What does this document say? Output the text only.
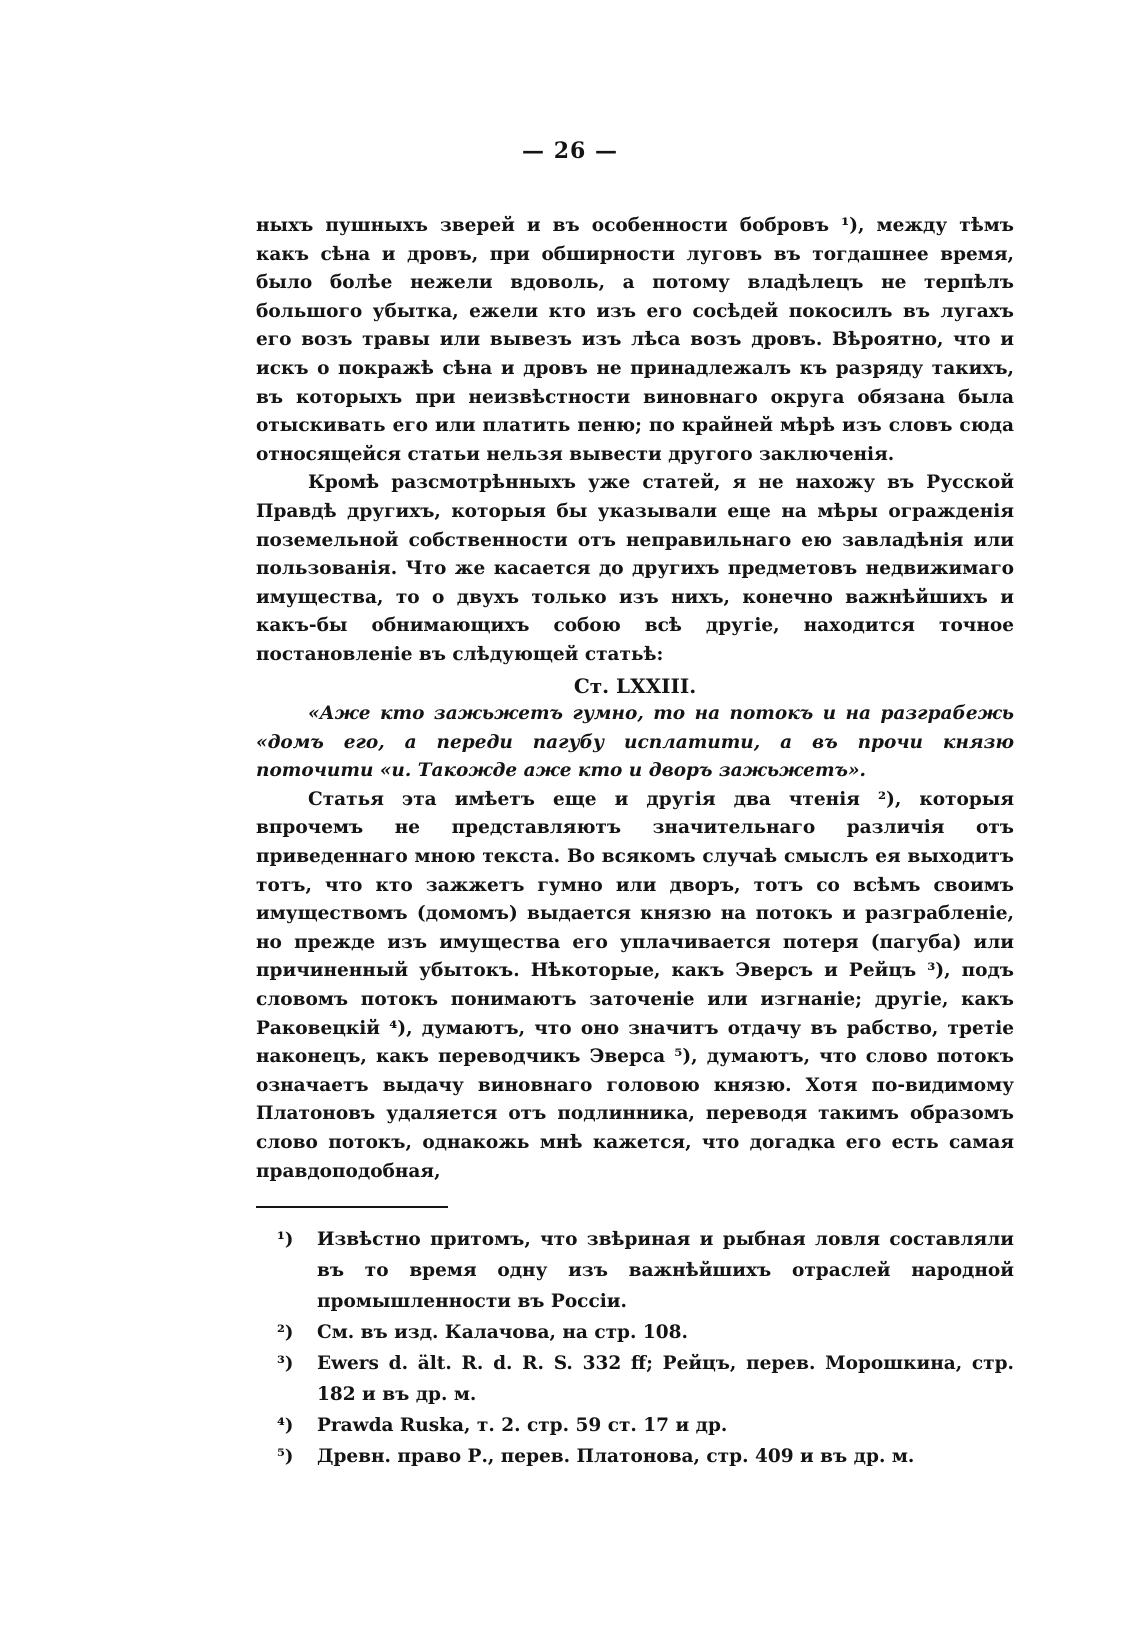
— 26 —

ныхъ пушныхъ зверей и въ особенности бобровъ ¹), между тѣмъ какъ сѣна и дровъ, при обширности луговъ въ тогдашнее время, было болѣе нежели вдоволь, а потому владѣлецъ не терпѣлъ большого убытка, ежели кто изъ его сосѣдей покосилъ въ лугахъ его возъ травы или вывезъ изъ лѣса возъ дровъ. Вѣроятно, что и искъ о покражѣ сѣна и дровъ не принадлежалъ къ разряду такихъ, въ которыхъ при неизвѣстности виновнаго округа обязана была отыскивать его или платить пеню; по крайней мѣрѣ изъ словъ сюда относящейся статьи нельзя вывести другого заключенія.

Кромѣ разсмотрѣнныхъ уже статей, я не нахожу въ Русской Правдѣ другихъ, которыя бы указывали еще на мѣры огражденія поземельной собственности отъ неправильнаго ею завладѣнія или пользованія. Что же касается до другихъ предметовъ недвижимаго имущества, то о двухъ только изъ нихъ, конечно важнѣйшихъ и какъ-бы обнимающихъ собою всѣ другіе, находится точное постановленіе въ слѣдующей статьѣ:

Ст. LXXIII.

«Аже кто зажьжетъ гумно, то на потокъ и на разграбежь «домъ его, а переди пагубу исплатити, а въ прочи князю поточити «и. Такожде аже кто и дворъ зажьжетъ».

Статья эта имѣетъ еще и другія два чтенія ²), которыя впрочемъ не представляютъ значительнаго различія отъ приведеннаго мною текста. Во всякомъ случаѣ смыслъ ея выходитъ тотъ, что кто зажжетъ гумно или дворъ, тотъ со всѣмъ своимъ имуществомъ (домомъ) выдается князю на потокъ и разграбленіе, но прежде изъ имущества его уплачивается потеря (пагуба) или причиненный убытокъ. Нѣкоторые, какъ Эверсъ и Рейцъ ³), подъ словомъ потокъ понимаютъ заточеніе или изгнаніе; другіе, какъ Раковецкій ⁴), думаютъ, что оно значитъ отдачу въ рабство, третіе наконецъ, какъ переводчикъ Эверса ⁵), думаютъ, что слово потокъ означаетъ выдачу виновнаго головою князю. Хотя по-видимому Платоновъ удаляется отъ подлинника, переводя такимъ образомъ слово потокъ, однакожь мнѣ кажется, что догадка его есть самая правдоподобная,

¹)	Извѣстно притомъ, что звѣриная и рыбная ловля составляли въ то время одну изъ важнѣйшихъ отраслей народной промышленности въ Россіи.
²)	См. въ изд. Калачова, на стр. 108.
³)	Ewers d. ält. R. d. R. S. 332 ff; Рейцъ, перев. Морошкина, стр. 182 и въ др. м.
⁴)	Prawda Ruska, т. 2. стр. 59 ст. 17 и др.
⁵)	Древн. право Р., перев. Платонова, стр. 409 и въ др. м.
